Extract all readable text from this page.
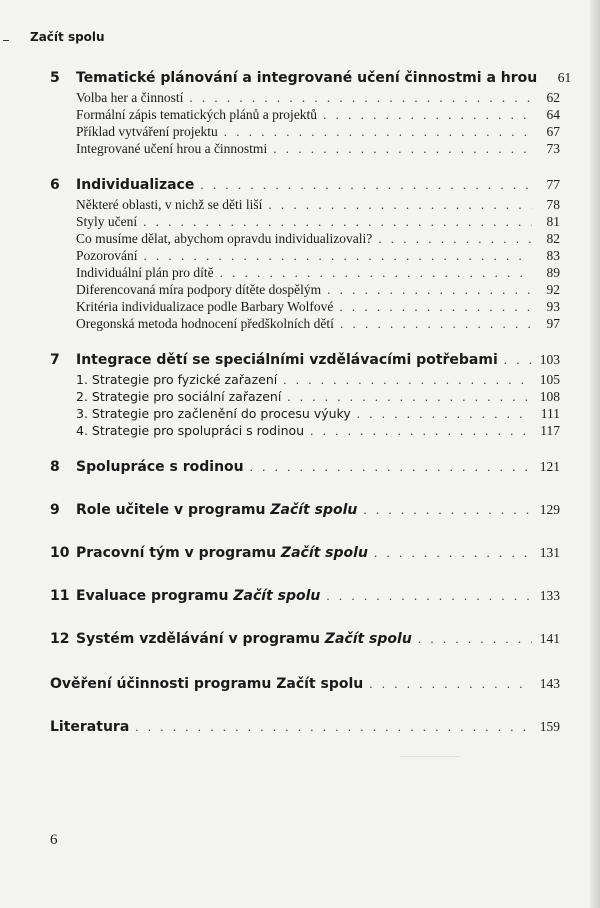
Začít spolu
5	Tematické plánování a integrované učení činnostmi a hrou	61
Volba her a činností . . .	62
Formální zápis tematických plánů a projektů . . .	64
Příklad vytváření projektu . . .	67
Integrované učení hrou a činnostmi . . .	73
6	Individualizace . . .	77
Některé oblasti, v nichž se děti liší . . .	78
Styly učení . . .	81
Co musíme dělat, abychom opravdu individualizovali? . . .	82
Pozorování . . .	83
Individuální plán pro dítě . . .	89
Diferencovaná míra podpory dítěte dospělým . . .	92
Kritéria individualizace podle Barbary Wolfové . . .	93
Oregonská metoda hodnocení předškolních dětí . . .	97
7	Integrace dětí se speciálními vzdělávacími potřebami . . .	103
1. Strategie pro fyzické zařazení . . .	105
2. Strategie pro sociální zařazení . . .	108
3. Strategie pro začlenění do procesu výuky . . .	111
4. Strategie pro spolupráci s rodinou . . .	117
8	Spolupráce s rodinou . . .	121
9	Role učitele v programu Začít spolu . . .	129
10 Pracovní tým v programu Začít spolu . . .	131
11 Evaluace programu Začít spolu . . .	133
12 Systém vzdělávání v programu Začít spolu . . .	141
Ověření účinnosti programu Začít spolu . . .	143
Literatura . . .	159
6
